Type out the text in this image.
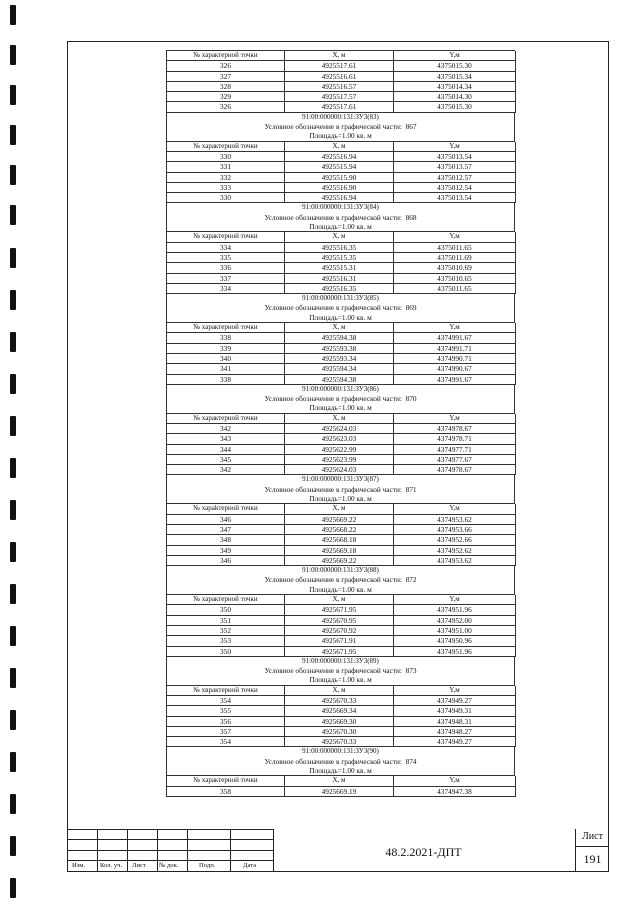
№ характерной точки	X, м	Y,м
326	4925517.61	4375015.30
327	4925516.61	4375015.34
328	4925516.57	4375014.34
329	4925517.57	4375014.30
326	4925517.61	4375015.30
91:00:000000:131:ЗУ3(83)
Условное обозначение в графической части: 867
Площадь=1.00 кв. м
№ характерной точки	X, м	Y,м
330	4925516.94	4375013.54
331	4925515.94	4375013.57
332	4925515.90	4375012.57
333	4925516.90	4375012.54
330	4925516.94	4375013.54
91:00:000000:131:ЗУ3(84)
Условное обозначение в графической части: 868
Площадь=1.00 кв. м
№ характерной точки	X, м	Y,м
334	4925516.35	4375011.65
335	4925515.35	4375011.69
336	4925515.31	4375010.69
337	4925516.31	4375010.65
334	4925516.35	4375011.65
91:00:000000:131:ЗУ3(85)
Условное обозначение в графической части: 869
Площадь=1.00 кв. м
№ характерной точки	X, м	Y,м
338	4925594.38	4374991.67
339	4925593.38	4374991.71
340	4925593.34	4374990.71
341	4925594.34	4374990.67
338	4925594.38	4374991.67
91:00:000000:131:ЗУ3(86)
Условное обозначение в графической части: 870
Площадь=1.00 кв. м
№ характерной точки	X, м	Y,м
342	4925624.03	4374978.67
343	4925623.03	4374978.71
344	4925622.99	4374977.71
345	4925623.99	4374977.67
342	4925624.03	4374978.67
91:00:000000:131:ЗУ3(87)
Условное обозначение в графической части: 871
Площадь=1.00 кв. м
№ хараkтерной точки	X, м	Y,м
346	4925669.22	4374953.62
347	4925668.22	4374953.66
348	4925668.18	4374952.66
349	4925669.18	4374952.62
346	4925669.22	4374953.62
91:00:000000:131:ЗУ3(88)
Условное обозначение в графической части: 872
Площадь=1.00 кв. м
№ характерной точки	X, м	Y,м
350	4925671.95	4374951.96
351	4925670.95	4374952.00
352	4925670.92	4374951.00
353	4925671.91	4374950.96
350	4925671.95	4374951.96
91:00:000000:131:ЗУ3(89)
Условное обозначение в графической части: 873
Площадь=1.00 кв. м
№ хврактерной точки	X, м	Y,м
354	4925670.33	4374949.27
355	4925669.34	4374949.31
356	4925669.30	4374948.31
357	4925670.30	4374948.27
354	4925670.33	4374949.27
91:00:000000:131:ЗУ3(90)
Условное обозначение в графической части: 874
Площадь=1.00 кв. м
№ характерной точки	X, м	Y,м
358	4925669.19	4374947.38
Изм. Кол. уч. Лист № док.	Подп.	Дата
48.2.2021-ДПТ
Лист
191
